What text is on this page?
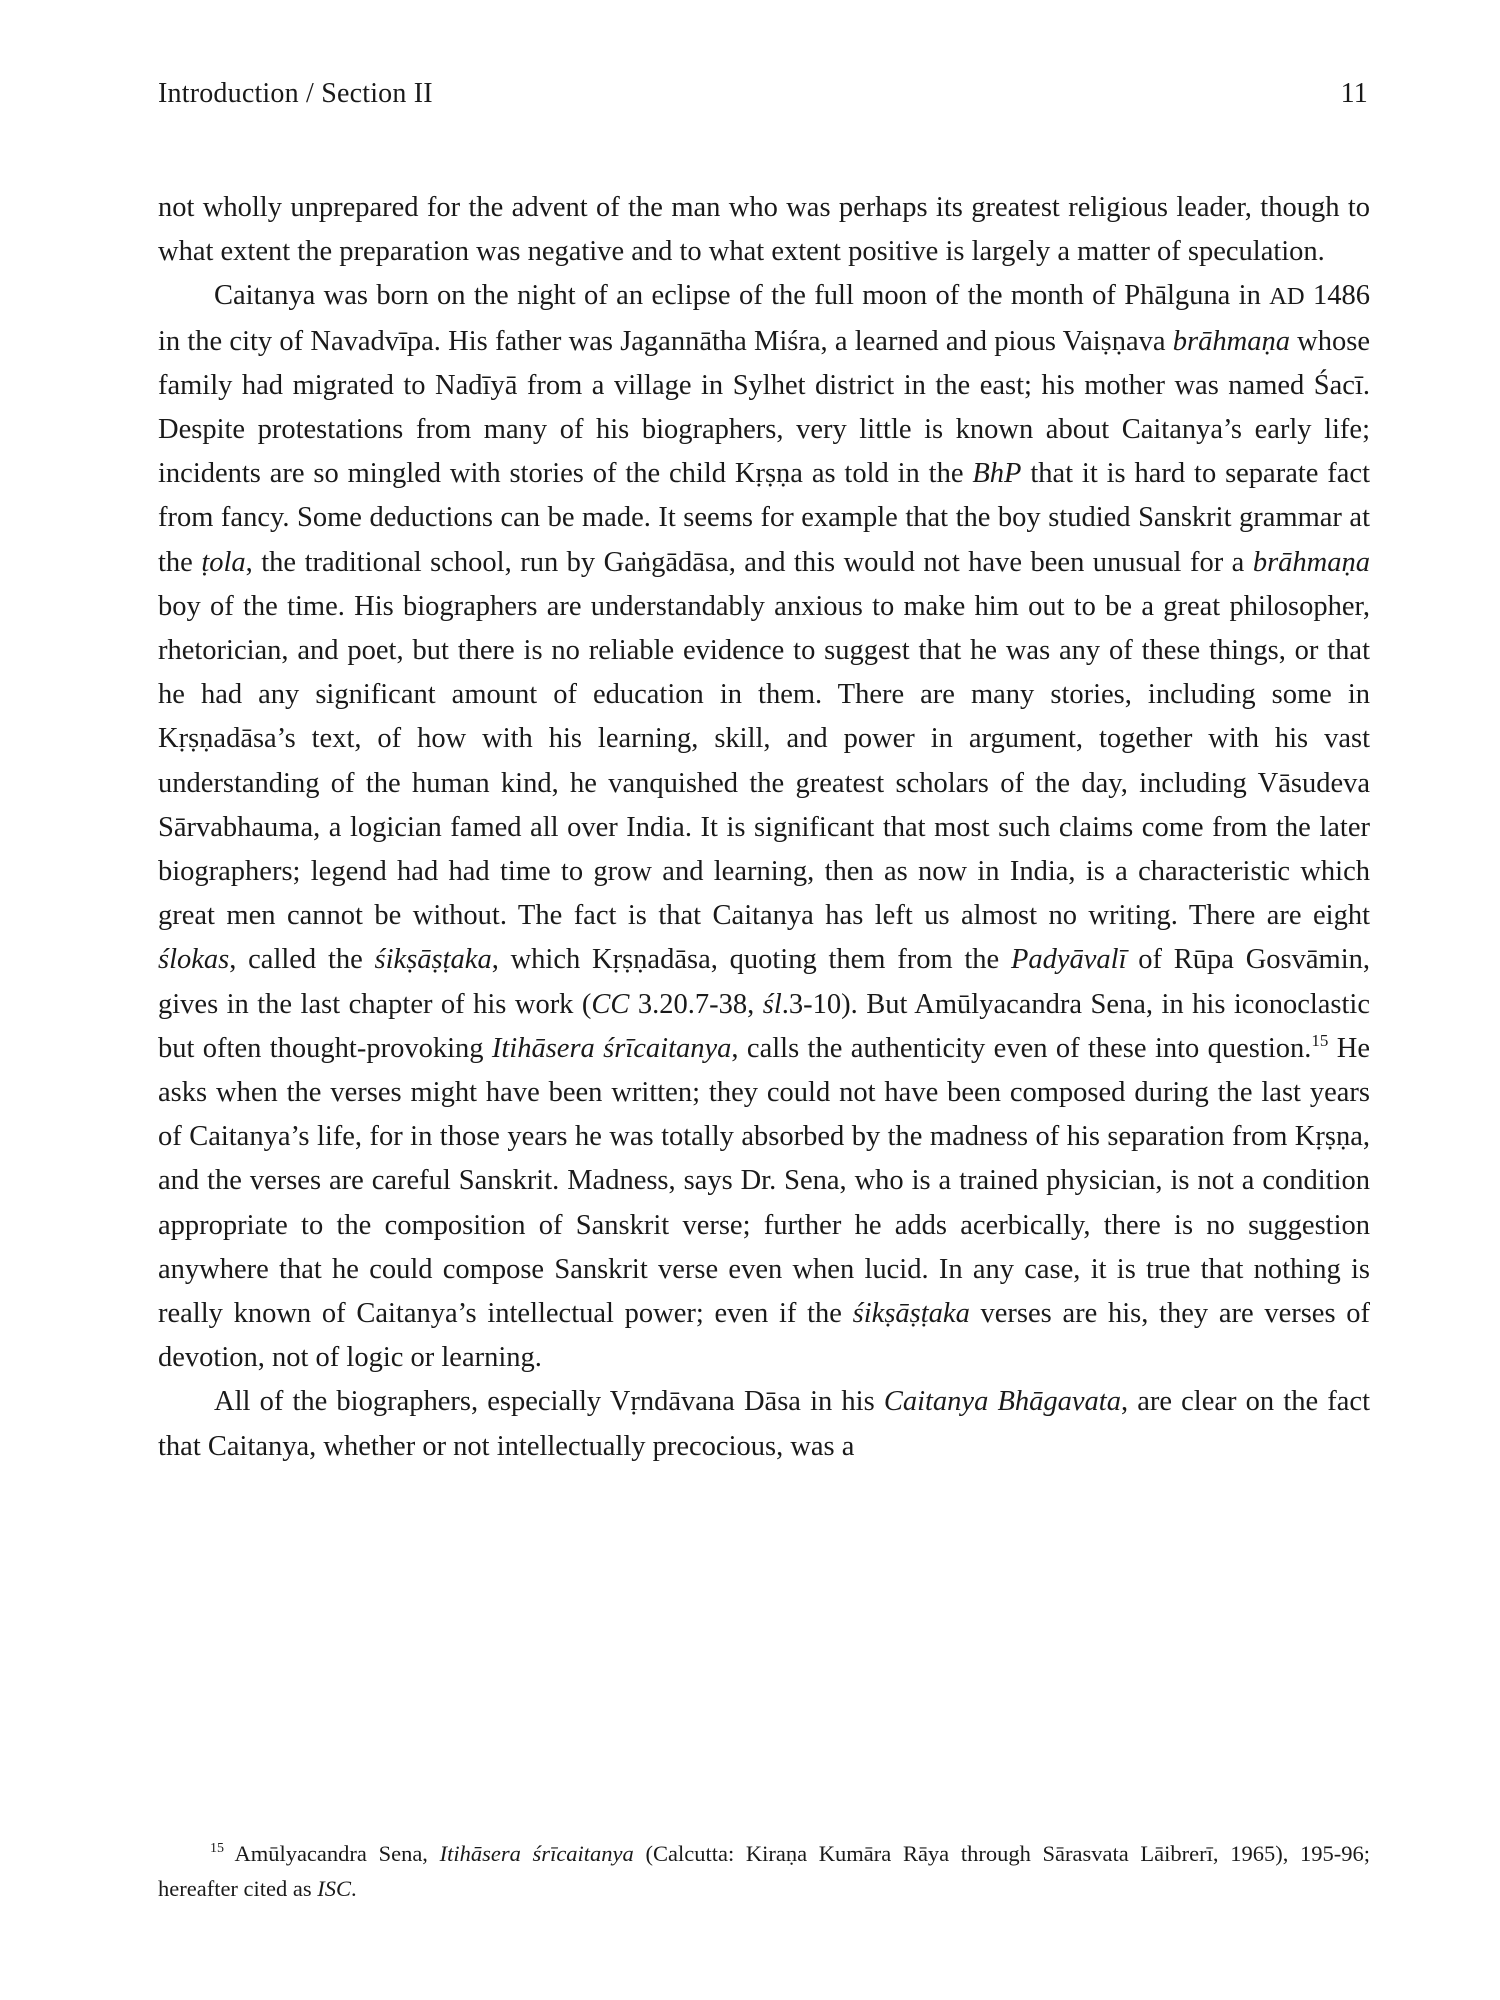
Introduction / Section II	11

not wholly unprepared for the advent of the man who was perhaps its greatest religious leader, though to what extent the preparation was negative and to what extent positive is largely a matter of speculation.

Caitanya was born on the night of an eclipse of the full moon of the month of Phālguna in AD 1486 in the city of Navadvīpa. His father was Jagannātha Miśra, a learned and pious Vaiṣṇava brāhmaṇa whose family had migrated to Nadīyā from a village in Sylhet district in the east; his mother was named Śacī. Despite protestations from many of his biographers, very little is known about Caitanya’s early life; incidents are so mingled with stories of the child Kṛṣṇa as told in the BhP that it is hard to separate fact from fancy. Some deductions can be made. It seems for example that the boy studied Sanskrit grammar at the ṭola, the traditional school, run by Gaṅgādāsa, and this would not have been unusual for a brāhmaṇa boy of the time. His biographers are understandably anxious to make him out to be a great philosopher, rhetorician, and poet, but there is no reliable evidence to suggest that he was any of these things, or that he had any significant amount of education in them. There are many stories, including some in Kṛṣṇadāsa’s text, of how with his learning, skill, and power in argument, together with his vast understanding of the human kind, he vanquished the greatest scholars of the day, including Vāsudeva Sārvabhauma, a logician famed all over India. It is significant that most such claims come from the later biographers; legend had had time to grow and learning, then as now in India, is a characteristic which great men cannot be without. The fact is that Caitanya has left us almost no writing. There are eight ślokas, called the śikṣāṣṭaka, which Kṛṣṇadāsa, quoting them from the Padyāvalī of Rūpa Gosvāmin, gives in the last chapter of his work (CC 3.20.7-38, śl.3-10). But Amūlyacandra Sena, in his iconoclastic but often thought-provoking Itihāsera śrīcaitanya, calls the authenticity even of these into question.$^{15}$ He asks when the verses might have been written; they could not have been composed during the last years of Caitanya’s life, for in those years he was totally absorbed by the madness of his separation from Kṛṣṇa, and the verses are careful Sanskrit. Madness, says Dr. Sena, who is a trained physician, is not a condition appropriate to the composition of Sanskrit verse; further he adds acerbically, there is no suggestion anywhere that he could compose Sanskrit verse even when lucid. In any case, it is true that nothing is really known of Caitanya’s intellectual power; even if the śikṣāṣṭaka verses are his, they are verses of devotion, not of logic or learning.

All of the biographers, especially Vṛndāvana Dāsa in his Caitanya Bhāgavata, are clear on the fact that Caitanya, whether or not intellectually precocious, was a

$^{15}$ Amūlyacandra Sena, Itihāsera śrīcaitanya (Calcutta: Kiraṇa Kumāra Rāya through Sārasvata Lāibrerī, 1965), 195-96; hereafter cited as ISC.
